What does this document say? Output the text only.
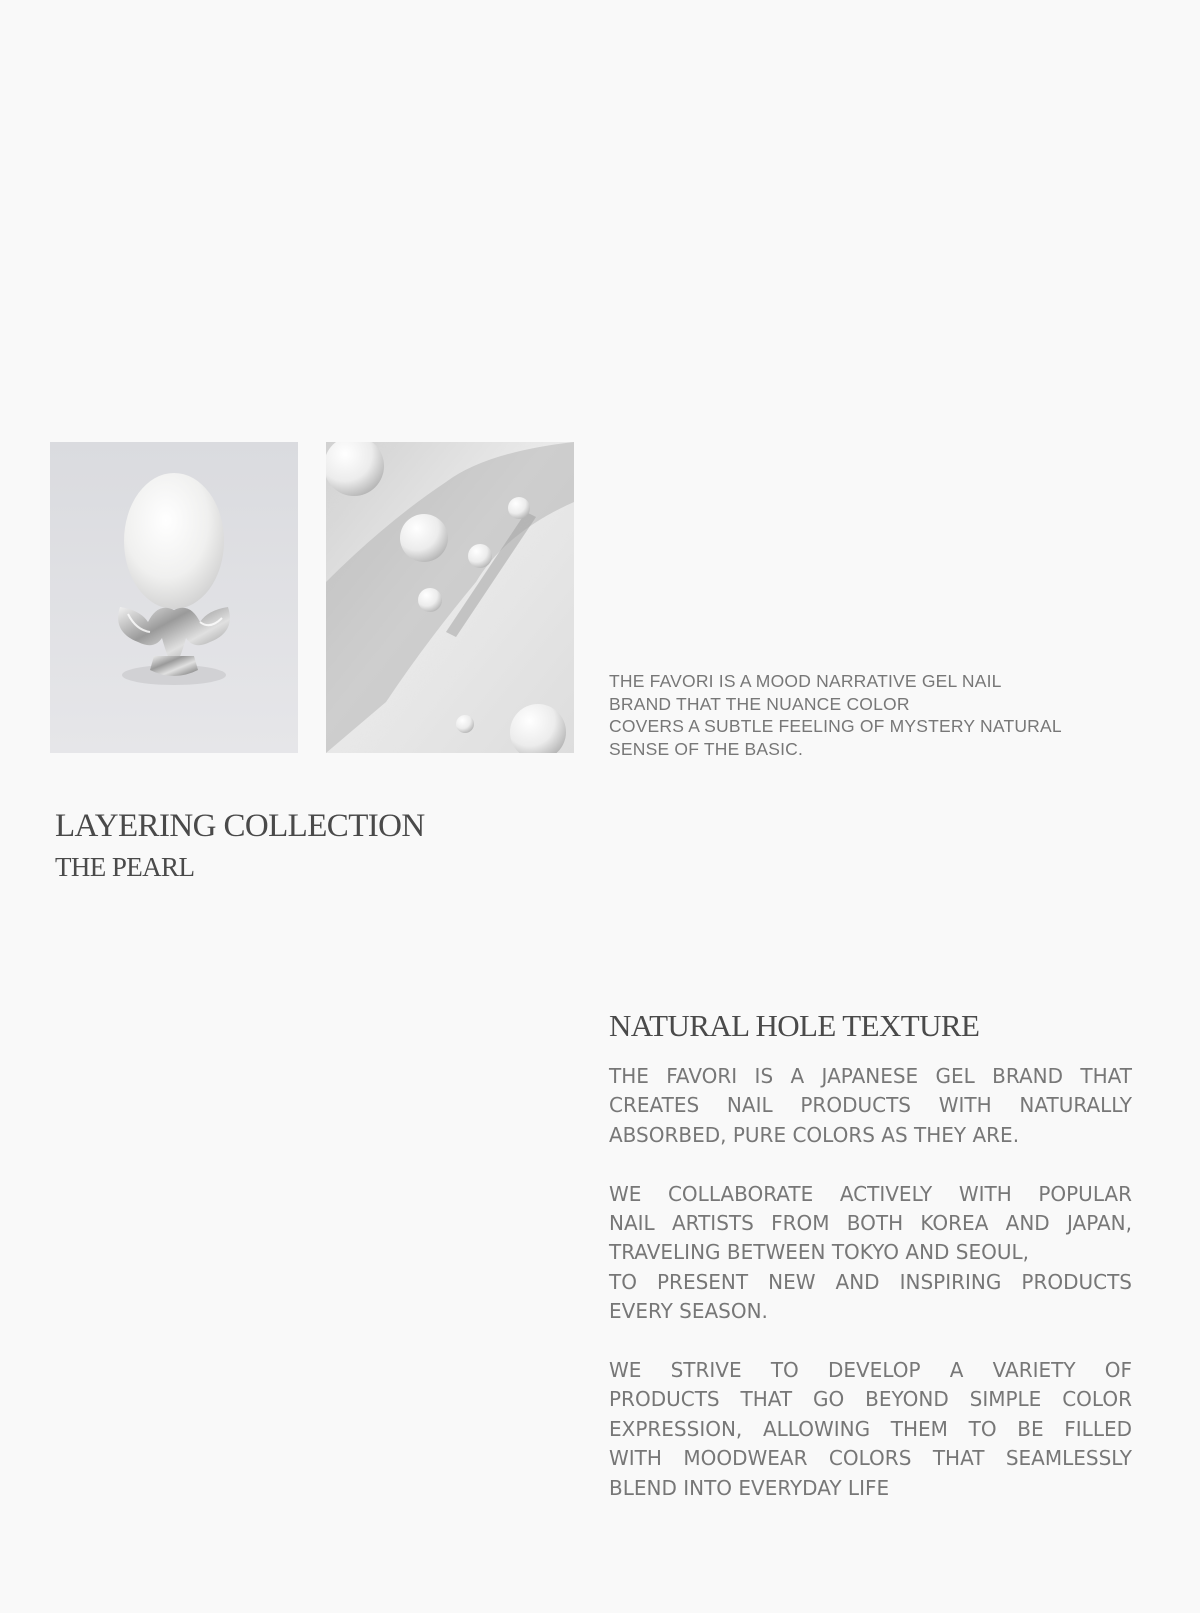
THE FAVORI IS A MOOD NARRATIVE GEL NAIL
BRAND THAT THE NUANCE COLOR
COVERS A SUBTLE FEELING OF MYSTERY NATURAL
SENSE OF THE BASIC.
LAYERING COLLECTION
THE PEARL
NATURAL HOLE TEXTURE

THE FAVORI IS A JAPANESE GEL BRAND THAT
CREATES NAIL PRODUCTS WITH NATURALLY
ABSORBED, PURE COLORS AS THEY ARE.

WE COLLABORATE ACTIVELY WITH POPULAR
NAIL ARTISTS FROM BOTH KOREA AND JAPAN,
TRAVELING BETWEEN TOKYO AND SEOUL,
TO PRESENT NEW AND INSPIRING PRODUCTS
EVERY SEASON.

WE STRIVE TO DEVELOP A VARIETY OF
PRODUCTS THAT GO BEYOND SIMPLE COLOR
EXPRESSION, ALLOWING THEM TO BE FILLED
WITH MOODWEAR COLORS THAT SEAMLESSLY
BLEND INTO EVERYDAY LIFE
